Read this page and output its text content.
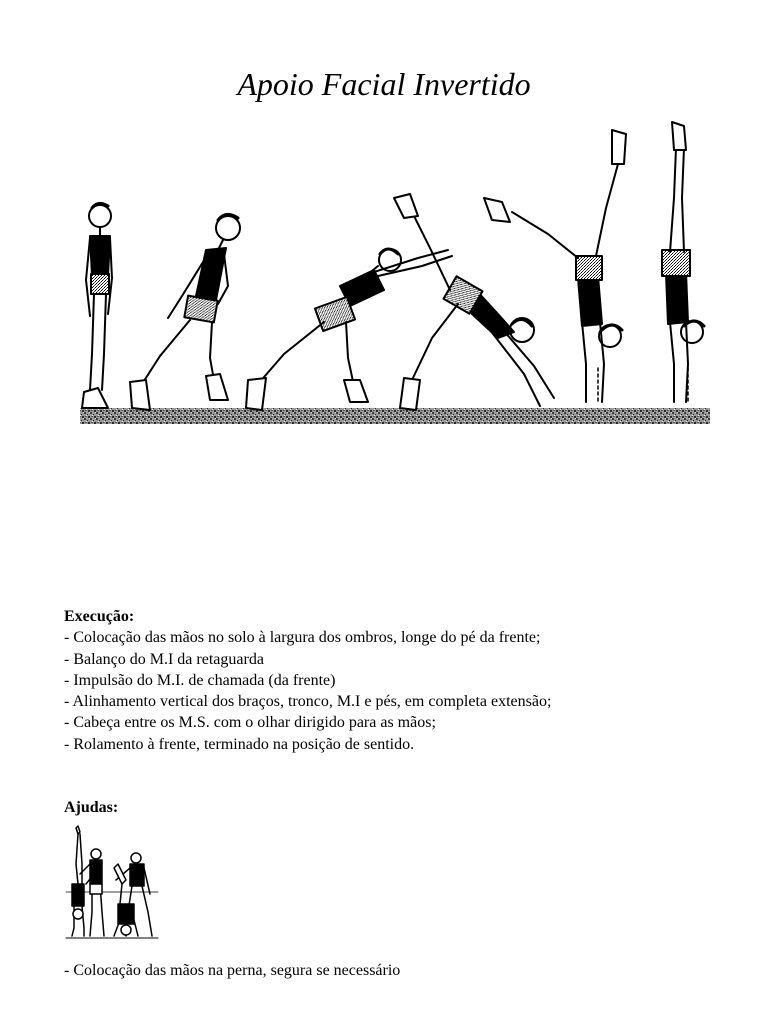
Apoio Facial Invertido

Execução:

- Colocação das mãos no solo à largura dos ombros, longe do pé da frente;
- Balanço do M.I da retaguarda
- Impulsão do M.I. de chamada (da frente)
- Alinhamento vertical dos braços, tronco, M.I e pés, em completa extensão;
- Cabeça entre os M.S. com o olhar dirigido para as mãos;
- Rolamento à frente, terminado na posição de sentido.

Ajudas:

- Colocação das mãos na perna, segura se necessário
